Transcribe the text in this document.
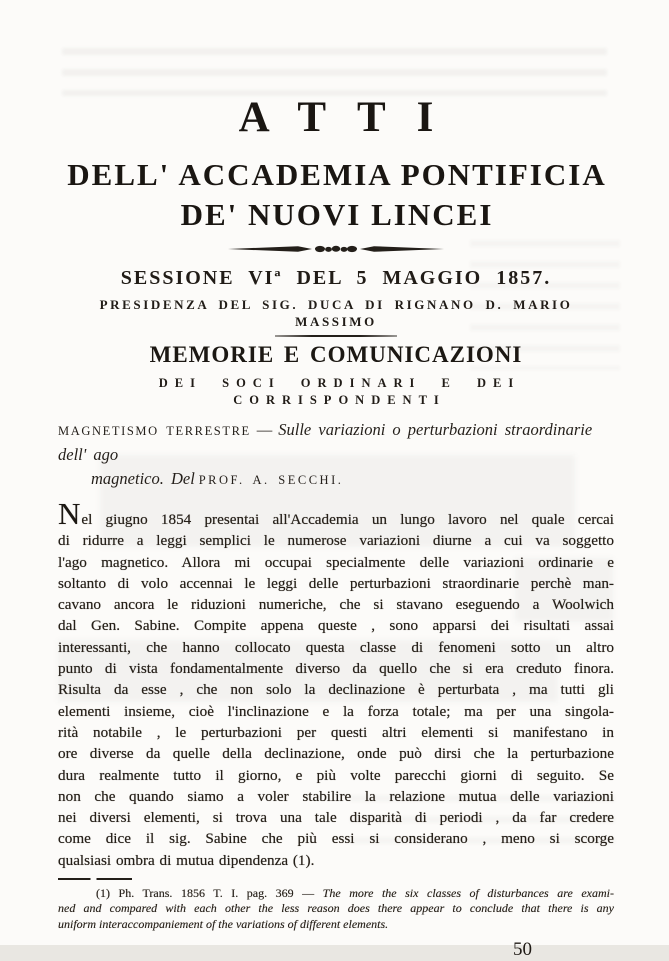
ATTI
DELL' ACCADEMIA PONTIFICIA
DE' NUOVI LINCEI
SESSIONE VIª DEL 5 MAGGIO 1857.
PRESIDENZA DEL SIG. DUCA DI RIGNANO D. MARIO MASSIMO
MEMORIE E COMUNICAZIONI
DEI SOCI ORDINARI E DEI CORRISPONDENTI
MAGNETISMO TERRESTRE — Sulle variazioni o perturbazioni straordinarie dell' ago
magnetico. Del PROF. A. SECCHI.
Nel giugno 1854 presentai all'Accademia un lungo lavoro nel quale cercai
di ridurre a leggi semplici le numerose variazioni diurne a cui va soggetto
l'ago magnetico. Allora mi occupai specialmente delle variazioni ordinarie e
soltanto di volo accennai le leggi delle perturbazioni straordinarie perchè man-
cavano ancora le riduzioni numeriche, che si stavano eseguendo a Woolwich
dal Gen. Sabine. Compite appena queste , sono apparsi dei risultati assai
interessanti, che hanno collocato questa classe di fenomeni sotto un altro
punto di vista fondamentalmente diverso da quello che si era creduto finora.
Risulta da esse , che non solo la declinazione è perturbata , ma tutti gli
elementi insieme, cioè l'inclinazione e la forza totale; ma per una singola-
rità notabile , le perturbazioni per questi altri elementi si manifestano in
ore diverse da quelle della declinazione, onde può dirsi che la perturbazione
dura realmente tutto il giorno, e più volte parecchi giorni di seguito. Se
non che quando siamo a voler stabilire la relazione mutua delle variazioni
nei diversi elementi, si trova una tale disparità di periodi , da far credere
come dice il sig. Sabine che più essi si considerano , meno si scorge
qualsiasi ombra di mutua dipendenza (1).
(1) Ph. Trans. 1856 T. I. pag. 369 — The more the six classes of disturbances are exami-
ned and compared with each other the less reason does there appear to conclude that there is any
uniform interaccompaniement of the variations of different elements.
50
